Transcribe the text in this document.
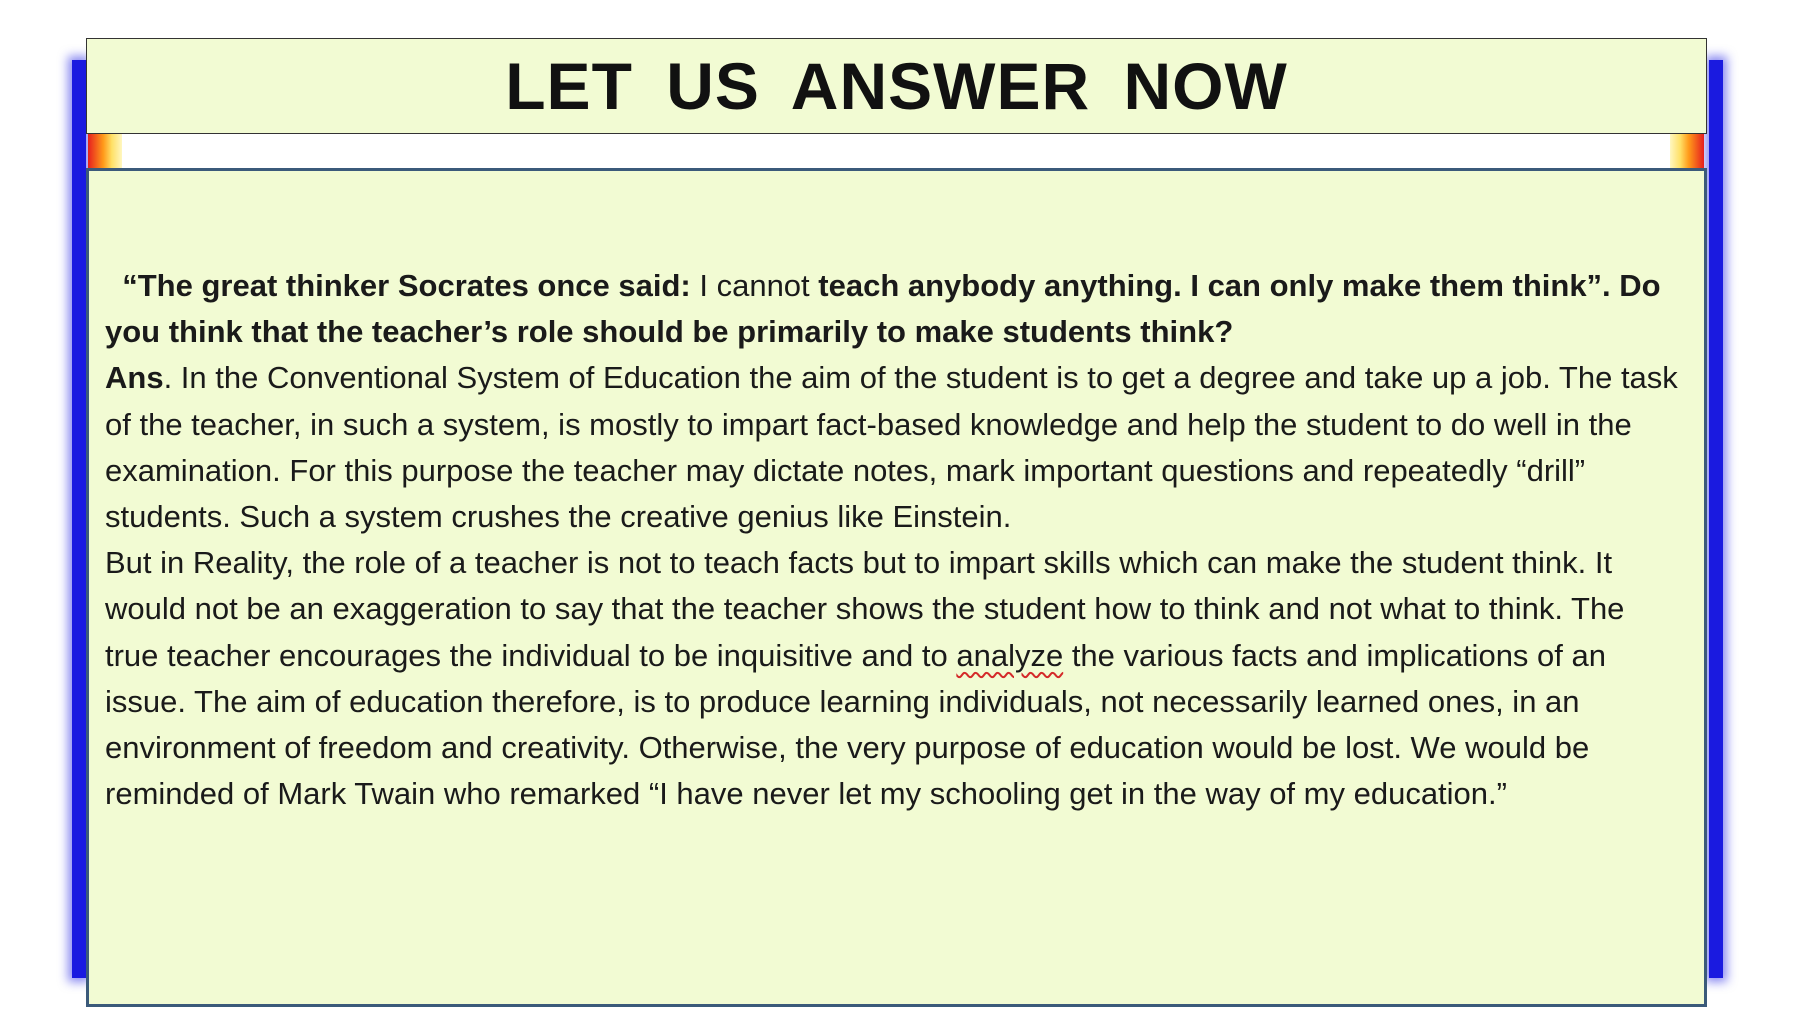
LET US ANSWER NOW

“The great thinker Socrates once said: I cannot teach anybody anything. I can only make them think”. Do you think that the teacher’s role should be primarily to make students think?

Ans. In the Conventional System of Education the aim of the student is to get a degree and take up a job. The task of the teacher, in such a system, is mostly to impart fact-based knowledge and help the student to do well in the examination. For this purpose the teacher may dictate notes, mark important questions and repeatedly “drill” students. Such a system crushes the creative genius like Einstein.

But in Reality, the role of a teacher is not to teach facts but to impart skills which can make the student think. It would not be an exaggeration to say that the teacher shows the student how to think and not what to think. The true teacher encourages the individual to be inquisitive and to analyze the various facts and implications of an issue. The aim of education therefore, is to produce learning individuals, not necessarily learned ones, in an environment of freedom and creativity. Otherwise, the very purpose of education would be lost. We would be reminded of Mark Twain who remarked “I have never let my schooling get in the way of my education.”
